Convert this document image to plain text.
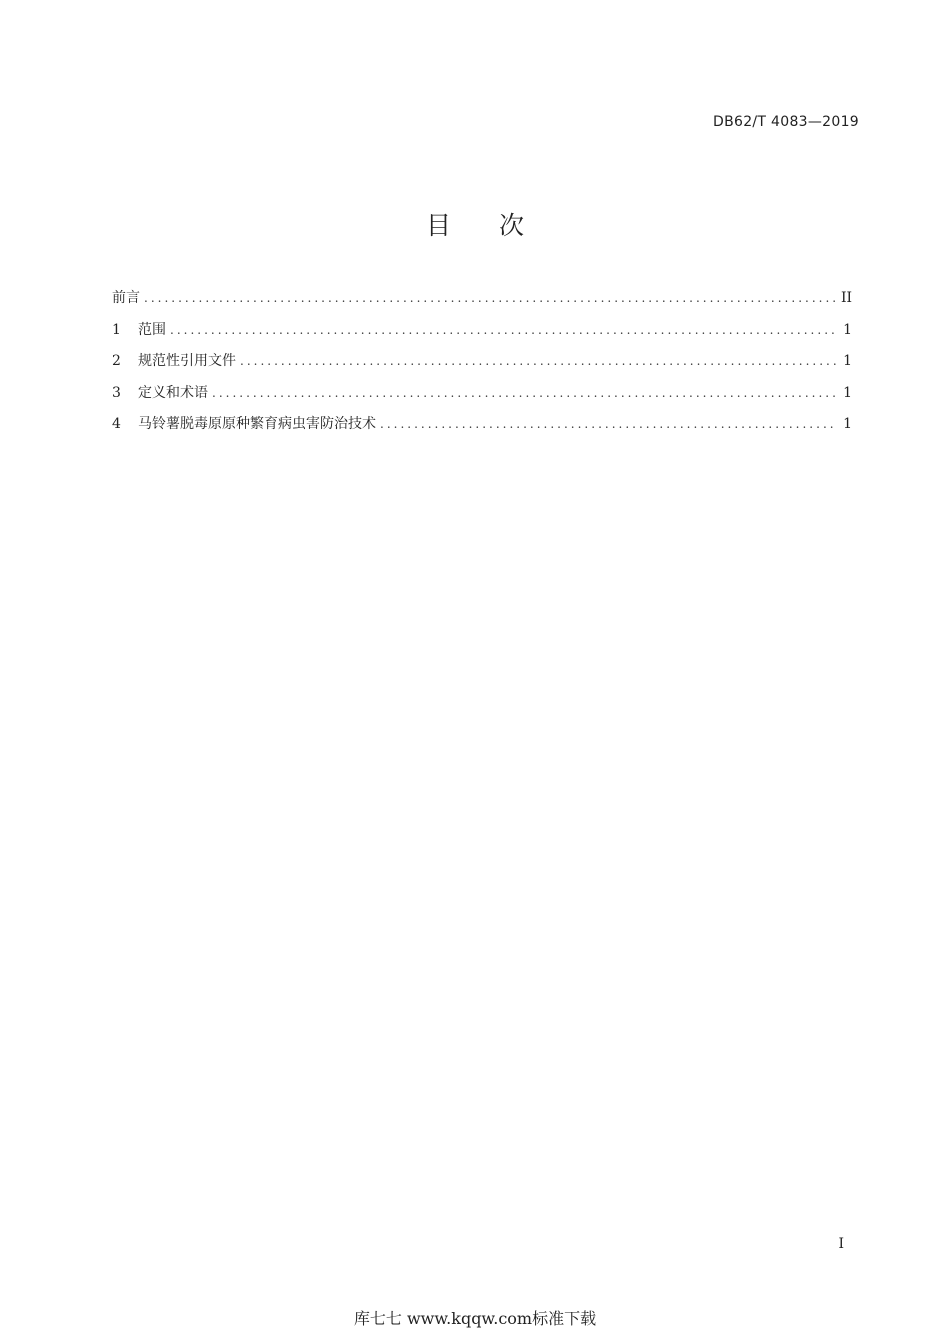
DB62/T 4083—2019
目次
前言 .....	II
1	范围 .....	1
2	规范性引用文件 .....	1
3	定义和术语 .....	1
4	马铃薯脱毒原原种繁育病虫害防治技术 .....	1
I
库七七 www.kqqw.com标准下载
